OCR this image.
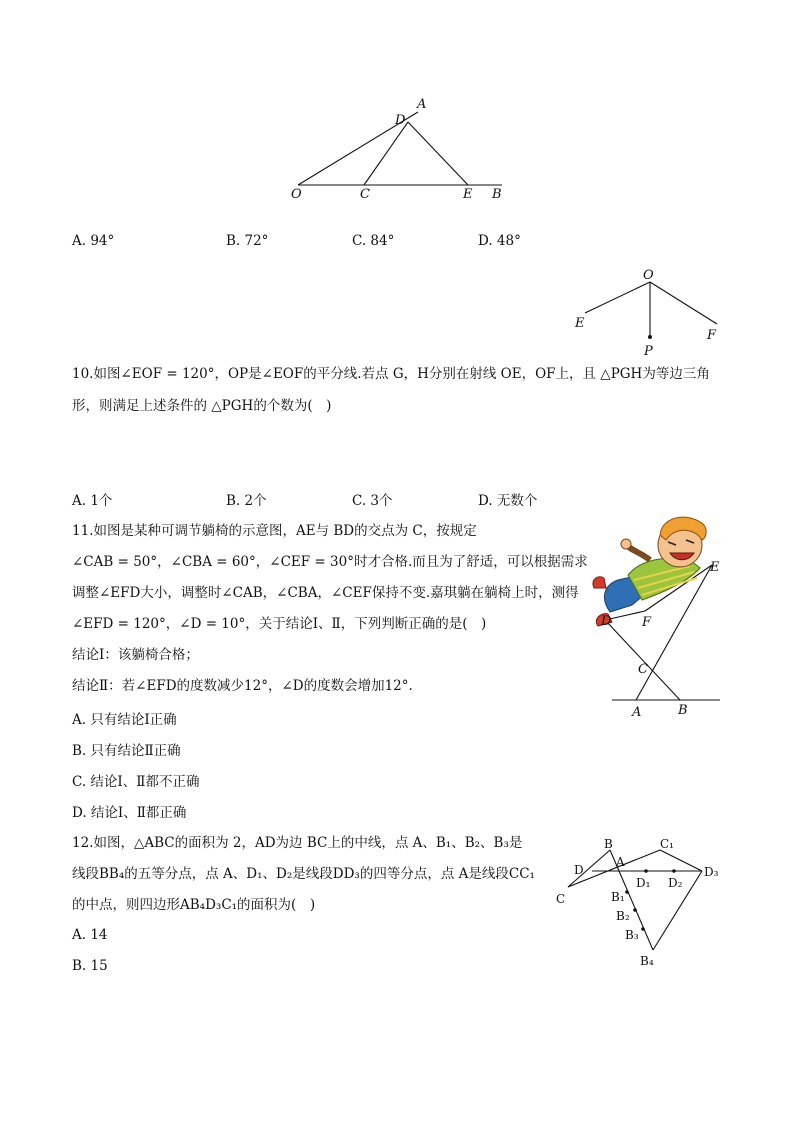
O	C	E B
D
A
A. 94°	B. 72°	C. 84°	D. 48°
O
E
F
P
10.如图∠EOF = 120°，OP是∠EOF的平分线.若点 G，H分别在射线 OE，OF上，且 △PGH为等边三角
形，则满足上述条件的 △PGH的个数为(　)
A. 1个	B. 2个	C. 3个	D. 无数个
11.如图是某种可调节躺椅的示意图，AE与 BD的交点为 C，按规定
∠CAB = 50°，∠CBA = 60°，∠CEF = 30°时才合格.而且为了舒适，可以根据需求
调整∠EFD大小，调整时∠CAB，∠CBA，∠CEF保持不变.嘉琪躺在躺椅上时，测得
∠EFD = 120°，∠D = 10°，关于结论Ⅰ、Ⅱ，下列判断正确的是(　)
结论Ⅰ：该躺椅合格；
结论Ⅱ：若∠EFD的度数减少12°，∠D的度数会增加12°.
A. 只有结论Ⅰ正确
B. 只有结论Ⅱ正确
C. 结论Ⅰ、Ⅱ都不正确
D. 结论Ⅰ、Ⅱ都正确
E
D F
C
A	B
12.如图，△ABC的面积为 2，AD为边 BC上的中线，点 A、B₁、B₂、B₃是
线段BB₄的五等分点，点 A、D₁、D₂是线段DD₃的四等分点，点 A是线段CC₁
的中点，则四边形AB₄D₃C₁的面积为(　)
A. 14
B. 15
B	C₁
A
D
D₁ D₂
D₃
C	B₁
B₂
B₃
B₄
